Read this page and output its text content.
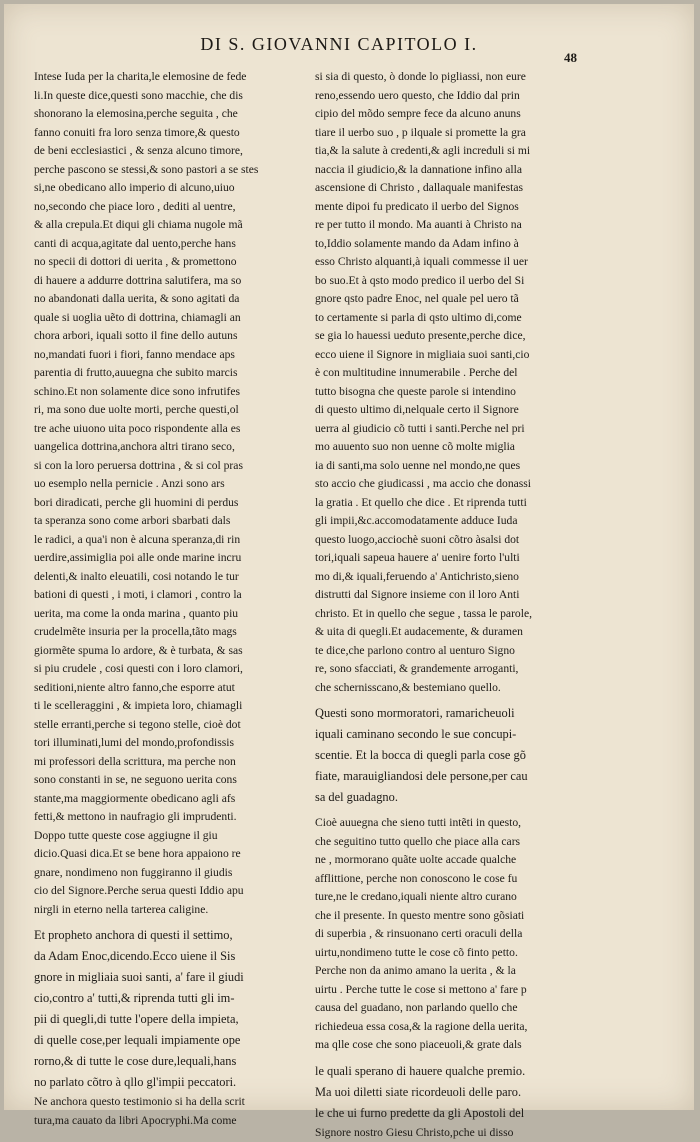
DI S. GIOVANNI CAPITOLO I.
48

Intese Iuda per la charita,le elemosine de fede

li.In queste dice,questi sono macchie, che dis

shonorano la elemosina,perche seguita , che

fanno conuiti fra loro senza timore,& questo

de beni ecclesiastici , & senza alcuno timore,

perche pascono se stessi,& sono pastori a se stes

si,ne obedicano allo imperio di alcuno,uiuo

no,secondo che piace loro , dediti al uentre,

& alla crepula.Et diqui gli chiama nugole mã

canti di acqua,agitate dal uento,perche hans

no specii di dottori di uerita , & promettono

di hauere a addurre dottrina salutifera, ma so

no abandonati dalla uerita, & sono agitati da

quale si uoglia uẽto di dottrina, chiamagli an

chora arbori, iquali sotto il fine dello autuns

no,mandati fuori i fiori, fanno mendace aps

parentia di frutto,auuegna che subito marcis

schino.Et non solamente dice sono infrutifes

ri, ma sono due uolte morti, perche questi,ol

tre ache uiuono uita poco rispondente alla es

uangelica dottrina,anchora altri tirano seco,

si con la loro peruersa dottrina , & si col pras

uo esemplo nella pernicie . Anzi sono ars

bori diradicati, perche gli huomini di perdus

ta speranza sono come arbori sbarbati dals

le radici, a qua'i non è alcuna speranza,di rin

uerdire,assimiglia poi alle onde marine incru

delenti,& inalto eleuatili, cosi notando le tur

bationi di questi , i moti, i clamori , contro la

uerita, ma come la onda marina , quanto piu

crudelmẽte insuria per la procella,tãto mags

giormẽte spuma lo ardore, & è turbata, & sas

si piu crudele , cosi questi con i loro clamori,

seditioni,niente altro fanno,che esporre atut

ti le scelleraggini , & impieta loro, chiamagli

stelle erranti,perche si tegono stelle, cioè dot

tori illuminati,lumi del mondo,profondissis

mi professori della scrittura, ma perche non

sono constanti in se, ne seguono uerita cons

stante,ma maggiormente obedicano agli afs

fetti,& mettono in naufragio gli imprudenti.

Doppo tutte queste cose aggiugne il giu

dicio.Quasi dica.Et se bene hora appaiono re

gnare, nondimeno non fuggiranno il giudis

cio del Signore.Perche serua questi Iddio apu

nirgli in eterno nella tarterea caligine.

Et propheto anchora di questi il settimo,

da Adam Enoc,dicendo.Ecco uiene il Sis

gnore in migliaia suoi santi, a' fare il giudi

cio,contro a' tutti,& riprenda tutti gli im-

pii di quegli,di tutte l'opere della impieta,

di quelle cose,per lequali impiamente ope

rorno,& di tutte le cose dure,lequali,hans

no parlato cõtro à qllo gl'impii peccatori.

Ne anchora questo testimonio si ha della scrit

tura,ma cauato da libri Apocryphi.Ma come

si sia di questo, ò donde lo pigliassi, non eure

reno,essendo uero questo, che Iddio dal prin

cipio del mõdo sempre fece da alcuno anuns

tiare il uerbo suo , p ilquale si promette la gra

tia,& la salute à credenti,& agli increduli si mi

naccia il giudicio,& la dannatione infino alla

ascensione di Christo , dallaquale manifestas

mente dipoi fu predicato il uerbo del Signos

re per tutto il mondo. Ma auanti à Christo na

to,Iddio solamente mando da Adam infino à

esso Christo alquanti,à iquali commesse il uer

bo suo.Et à qsto modo predico il uerbo del Si

gnore qsto padre Enoc, nel quale pel uero tã

to certamente si parla di qsto ultimo di,come

se gia lo hauessi ueduto presente,perche dice,

ecco uiene il Signore in migliaia suoi santi,cio

è con multitudine innumerabile . Perche del

tutto bisogna che queste parole si intendino

di questo ultimo di,nelquale certo il Signore

uerra al giudicio cõ tutti i santi.Perche nel pri

mo auuento suo non uenne cõ molte miglia

ia di santi,ma solo uenne nel mondo,ne ques

sto accio che giudicassi , ma accio che donassi

la gratia . Et quello che dice . Et riprenda tutti

gli impii,&c.accomodatamente adduce Iuda

questo luogo,acciochè suoni cõtro àsalsi dot

tori,iquali sapeua hauere a' uenire forto l'ulti

mo di,& iquali,feruendo a' Antichristo,sieno

distrutti dal Signore insieme con il loro Anti

christo. Et in quello che segue , tassa le parole,

& uita di quegli.Et audacemente, & duramen

te dice,che parlono contro al uenturo Signo

re, sono sfacciati, & grandemente arroganti,

che schernisscano,& bestemiano quello.

Questi sono mormoratori, ramaricheuoli

iquali caminano secondo le sue concupi-

scentie. Et la bocca di quegli parla cose gõ

fiate, marauigliandosi dele persone,per cau

sa del guadagno.

Cioè auuegna che sieno tutti intẽti in questo,

che seguitino tutto quello che piace alla cars

ne , mormorano quãte uolte accade qualche

afflittione, perche non conoscono le cose fu

ture,ne le credano,iquali niente altro curano

che il presente. In questo mentre sono gõsiati

di superbia , & rinsuonano certi oraculi della

uirtu,nondimeno tutte le cose cõ finto petto.

Perche non da animo amano la uerita , & la

uirtu . Perche tutte le cose si mettono a' fare p

causa del guadano, non parlando quello che

richiedeua essa cosa,& la ragione della uerita,

ma qlle cose che sono piaceuoli,& grate dals

le quali sperano di hauere qualche premio.

Ma uoi diletti siate ricordeuoli delle paro.

le che ui furno predette da gli Apostoli del

Signore nostro Giesu Christo,pche ui disso
